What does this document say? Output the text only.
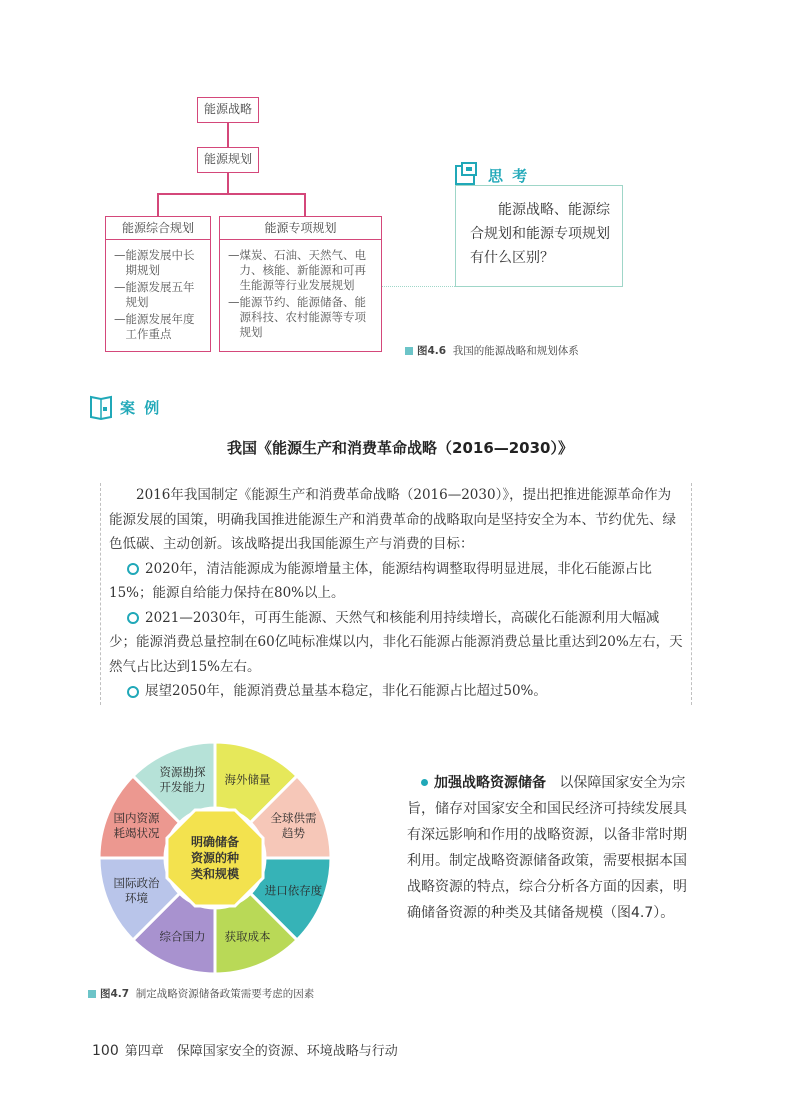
能源战略
能源规划
能源综合规划
— 能源发展中长期规划
— 能源发展五年规划
— 能源发展年度工作重点
能源专项规划
— 煤炭、石油、天然气、电力、核能、新能源和可再生能源等行业发展规划
— 能源节约、能源储备、能源科技、农村能源等专项规划
思 考
能源战略、能源综合规划和能源专项规划有什么区别？
图4.6 我国的能源战略和规划体系
案 例
我国《能源生产和消费革命战略（2016—2030）》
2016年我国制定《能源生产和消费革命战略（2016—2030）》，提出把推进能源革命作为能源发展的国策，明确我国推进能源生产和消费革命的战略取向是坚持安全为本、节约优先、绿色低碳、主动创新。该战略提出我国能源生产与消费的目标：
2020年，清洁能源成为能源增量主体，能源结构调整取得明显进展，非化石能源占比15%；能源自给能力保持在80%以上。
2021—2030年，可再生能源、天然气和核能利用持续增长，高碳化石能源利用大幅减少；能源消费总量控制在60亿吨标准煤以内，非化石能源占能源消费总量比重达到20%左右，天然气占比达到15%左右。
展望2050年，能源消费总量基本稳定，非化石能源占比超过50%。
海外储量
全球供需趋势
进口依存度
获取成本
综合国力
国际政治环境
国内资源耗竭状况
资源勘探开发能力
明确储备资源的种类和规模
图4.7 制定战略资源储备政策需要考虑的因素
加强战略资源储备 以保障国家安全为宗旨，储存对国家安全和国民经济可持续发展具有深远影响和作用的战略资源，以备非常时期利用。制定战略资源储备政策，需要根据本国战略资源的特点，综合分析各方面的因素，明确储备资源的种类及其储备规模（图4.7）。
100 第四章　保障国家安全的资源、环境战略与行动
